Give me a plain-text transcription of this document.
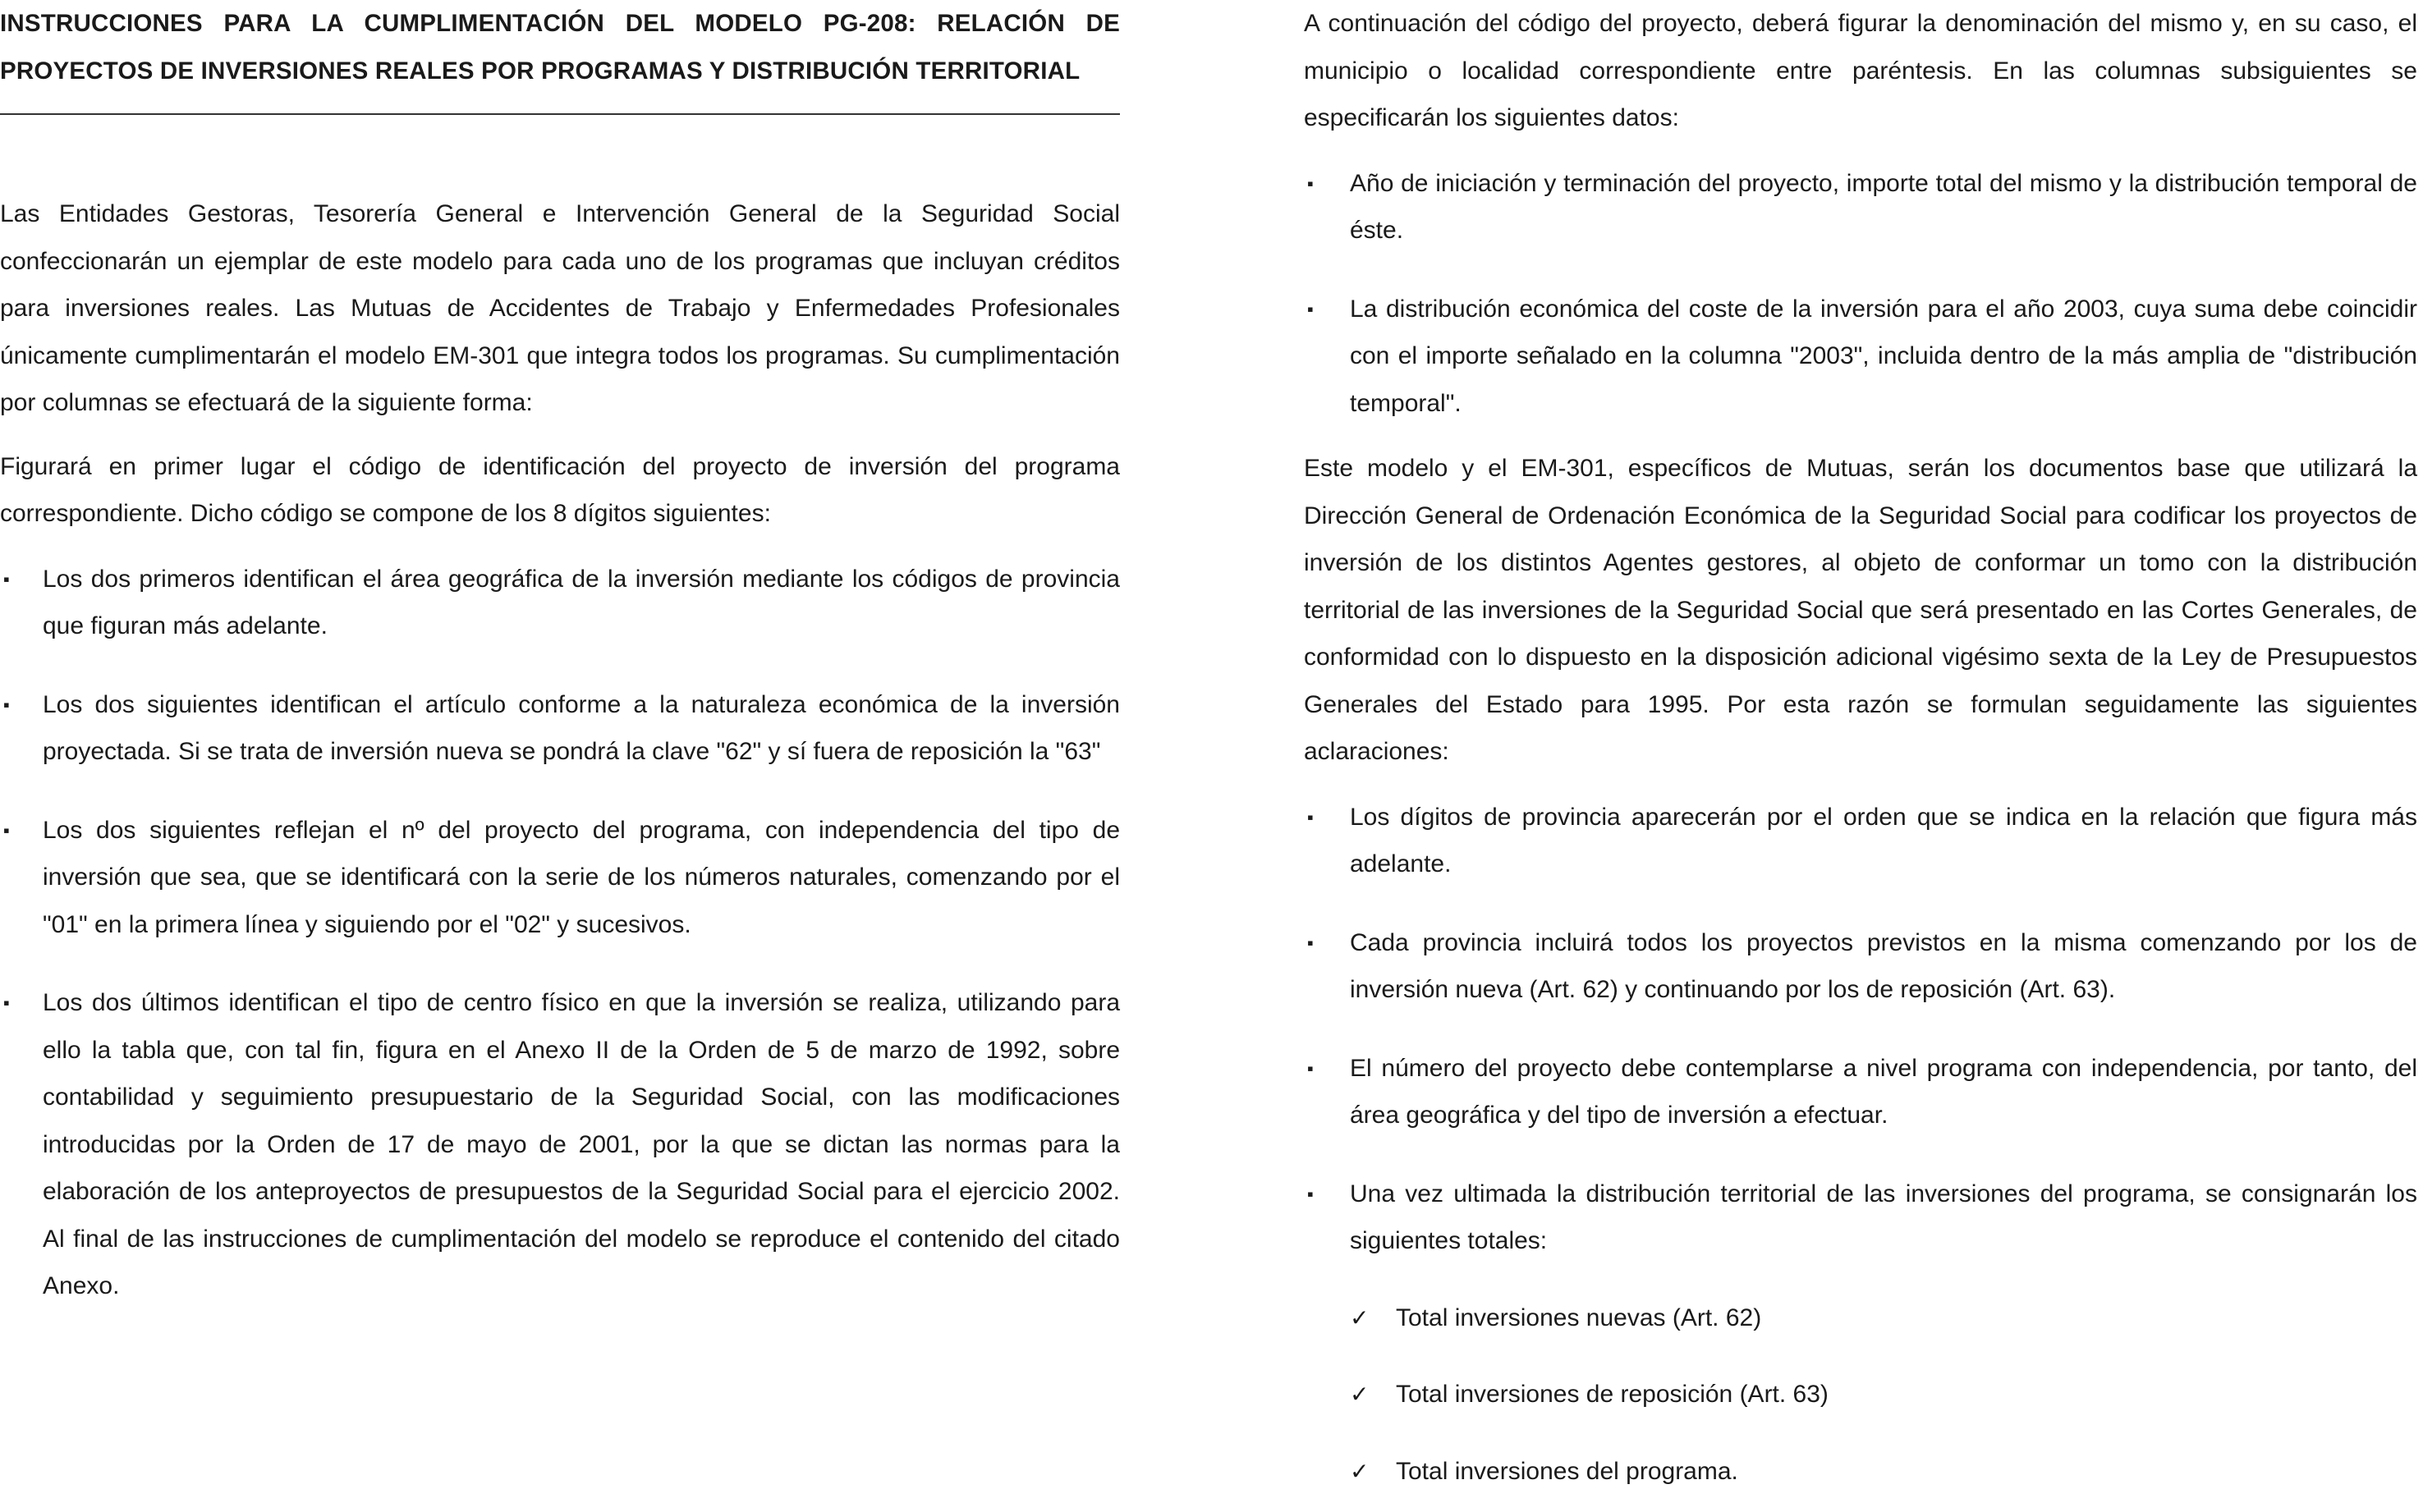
INSTRUCCIONES PARA LA CUMPLIMENTACIÓN DEL MODELO PG-208: RELACIÓN DE PROYECTOS DE INVERSIONES REALES POR PROGRAMAS Y DISTRIBUCIÓN TERRITORIAL

Las Entidades Gestoras, Tesorería General e Intervención General de la Seguridad Social confeccionarán un ejemplar de este modelo para cada uno de los programas que incluyan créditos para inversiones reales. Las Mutuas de Accidentes de Trabajo y Enfermedades Profesionales únicamente cumplimentarán el modelo EM-301 que integra todos los programas. Su cumplimentación por columnas se efectuará de la siguiente forma:

Figurará en primer lugar el código de identificación del proyecto de inversión del programa correspondiente. Dicho código se compone de los 8 dígitos siguientes:

▪	Los dos primeros identifican el área geográfica de la inversión mediante los códigos de provincia que figuran más adelante.
▪	Los dos siguientes identifican el artículo conforme a la naturaleza económica de la inversión proyectada. Si se trata de inversión nueva se pondrá la clave "62" y sí fuera de reposición la "63"
▪	Los dos siguientes reflejan el nº del proyecto del programa, con independencia del tipo de inversión que sea, que se identificará con la serie de los números naturales, comenzando por el "01" en la primera línea y siguiendo por el "02" y sucesivos.
▪	Los dos últimos identifican el tipo de centro físico en que la inversión se realiza, utilizando para ello la tabla que, con tal fin, figura en el Anexo II de la Orden de 5 de marzo de 1992, sobre contabilidad y seguimiento presupuestario de la Seguridad Social, con las modificaciones introducidas por la Orden de 17 de mayo de 2001, por la que se dictan las normas para la elaboración de los anteproyectos de presupuestos de la Seguridad Social para el ejercicio 2002. Al final de las instrucciones de cumplimentación del modelo se reproduce el contenido del citado Anexo.

A continuación del código del proyecto, deberá figurar la denominación del mismo y, en su caso, el municipio o localidad correspondiente entre paréntesis. En las columnas subsiguientes se especificarán los siguientes datos:

▪	Año de iniciación y terminación del proyecto, importe total del mismo y la distribución temporal de éste.
▪	La distribución económica del coste de la inversión para el año 2003, cuya suma debe coincidir con el importe señalado en la columna "2003", incluida dentro de la más amplia de "distribución temporal".

Este modelo y el EM-301, específicos de Mutuas, serán los documentos base que utilizará la Dirección General de Ordenación Económica de la Seguridad Social para codificar los proyectos de inversión de los distintos Agentes gestores, al objeto de conformar un tomo con la distribución territorial de las inversiones de la Seguridad Social que será presentado en las Cortes Generales, de conformidad con lo dispuesto en la disposición adicional vigésimo sexta de la Ley de Presupuestos Generales del Estado para 1995. Por esta razón se formulan seguidamente las siguientes aclaraciones:

▪	Los dígitos de provincia aparecerán por el orden que se indica en la relación que figura más adelante.
▪	Cada provincia incluirá todos los proyectos previstos en la misma comenzando por los de inversión nueva (Art. 62) y continuando por los de reposición (Art. 63).
▪	El número del proyecto debe contemplarse a nivel programa con independencia, por tanto, del área geográfica y del tipo de inversión a efectuar.
▪	Una vez ultimada la distribución territorial de las inversiones del programa, se consignarán los siguientes totales:
✓ Total inversiones nuevas (Art. 62)
✓ Total inversiones de reposición (Art. 63)
✓ Total inversiones del programa.
